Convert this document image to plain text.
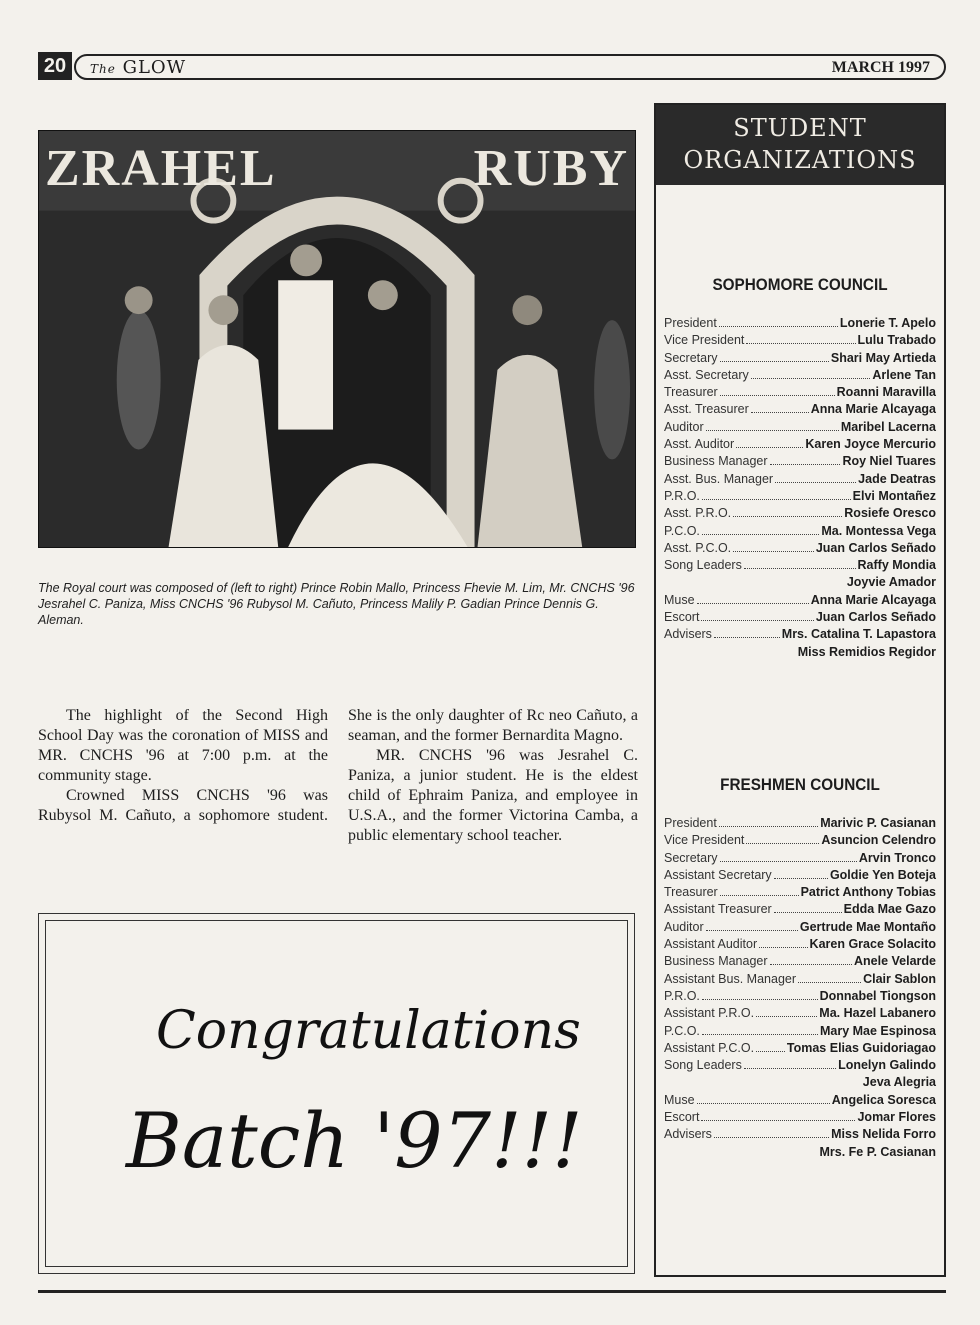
20	The GLOW	MARCH 1997
ZRAHEL	RUBY
The Royal court was composed of (left to right) Prince Robin Mallo, Princess Fhevie M. Lim, Mr. CNCHS '96 Jesrahel C. Paniza, Miss CNCHS '96 Rubysol M. Cañuto, Princess Malily P. Gadian Prince Dennis G. Aleman.

The highlight of the Second High School Day was the coronation of MISS and MR. CNCHS '96 at 7:00 p.m. at the community stage.

Crowned MISS CNCHS '96 was Rubysol M. Cañuto, a sophomore student. She is the only daughter of Rc neo Cañuto, a seaman, and the former Bernardita Magno.

MR. CNCHS '96 was Jesrahel C. Paniza, a junior student. He is the eldest child of Ephraim Paniza, and employee in U.S.A., and the former Victorina Camba, a public elementary school teacher.

Congratulations
Batch '97!!!
STUDENT
ORGANIZATIONS
SOPHOMORE COUNCIL
President	Lonerie T. Apelo
Vice President	Lulu Trabado
Secretary	Shari May Artieda
Asst. Secretary	Arlene Tan
Treasurer	Roanni Maravilla
Asst. Treasurer	Anna Marie Alcayaga
Auditor	Maribel Lacerna
Asst. Auditor	Karen Joyce Mercurio
Business Manager	Roy Niel Tuares
Asst. Bus. Manager	Jade Deatras
P.R.O.	Elvi Montañez
Asst. P.R.O.	Rosiefe Oresco
P.C.O.	Ma. Montessa Vega
Asst. P.C.O.	Juan Carlos Señado
Song Leaders	Raffy Mondia
Joyvie Amador
Muse	Anna Marie Alcayaga
Escort	Juan Carlos Señado
Advisers	Mrs. Catalina T. Lapastora
Miss Remidios Regidor
FRESHMEN COUNCIL
President	Marivic P. Casianan
Vice President	Asuncion Celendro
Secretary	Arvin Tronco
Assistant Secretary	Goldie Yen Boteja
Treasurer	Patrict Anthony Tobias
Assistant Treasurer	Edda Mae Gazo
Auditor	Gertrude Mae Montaño
Assistant Auditor	Karen Grace Solacito
Business Manager	Anele Velarde
Assistant Bus. Manager	Clair Sablon
P.R.O.	Donnabel Tiongson
Assistant P.R.O.	Ma. Hazel Labanero
P.C.O.	Mary Mae Espinosa
Assistant P.C.O.	Tomas Elias Guidoriagao
Song Leaders	Lonelyn Galindo
Jeva Alegria
Muse	Angelica Soresca
Escort	Jomar Flores
Advisers	Miss Nelida Forro
Mrs. Fe P. Casianan
